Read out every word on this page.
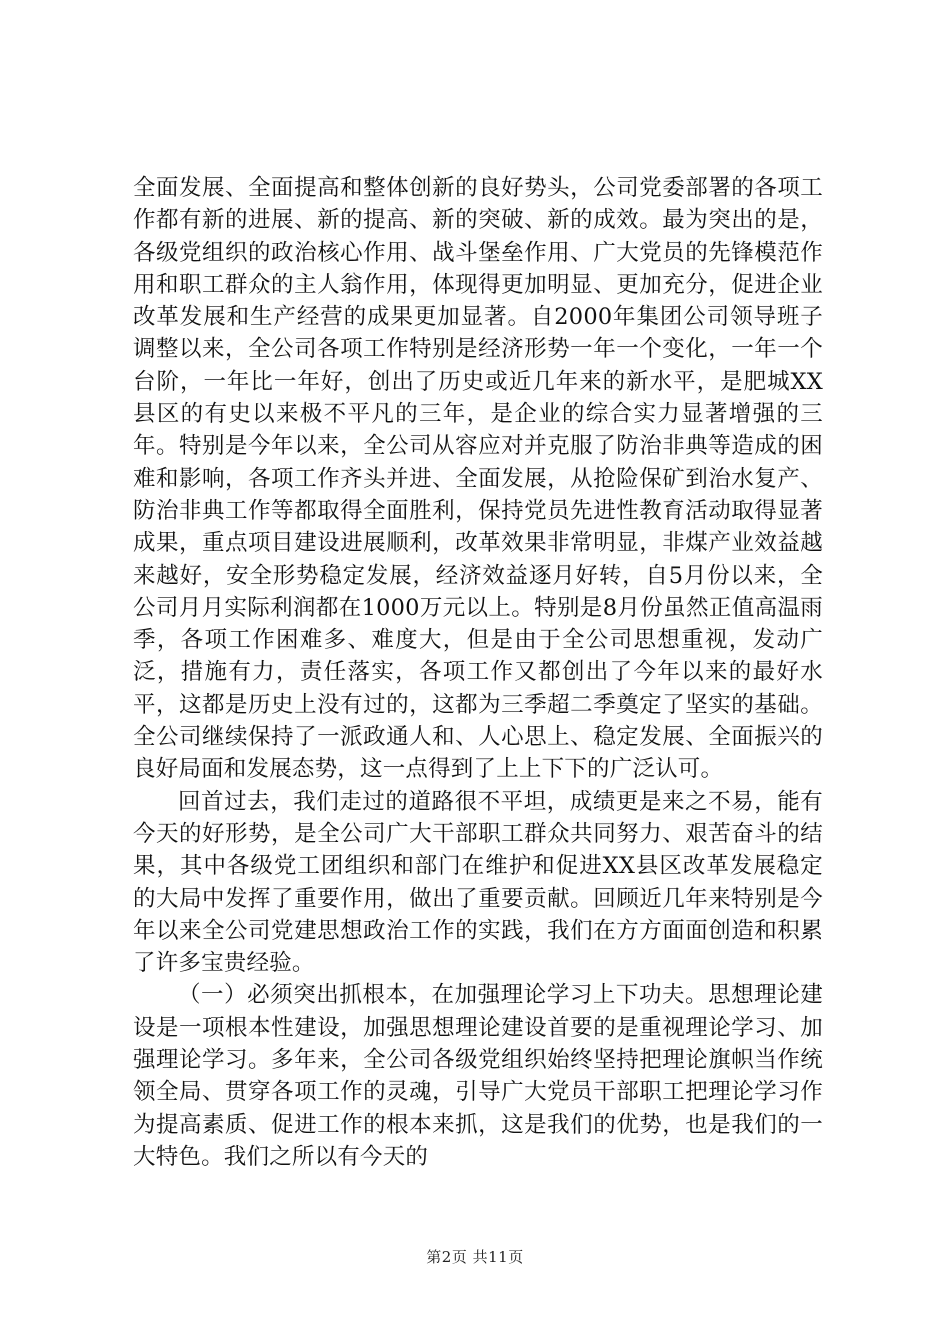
全面发展、全面提高和整体创新的良好势头，公司党委部署的各项工作都有新的进展、新的提高、新的突破、新的成效。最为突出的是，各级党组织的政治核心作用、战斗堡垒作用、广大党员的先锋模范作用和职工群众的主人翁作用，体现得更加明显、更加充分，促进企业改革发展和生产经营的成果更加显著。自2000年集团公司领导班子调整以来，全公司各项工作特别是经济形势一年一个变化，一年一个台阶，一年比一年好，创出了历史或近几年来的新水平，是肥城XX县区的有史以来极不平凡的三年，是企业的综合实力显著增强的三年。特别是今年以来，全公司从容应对并克服了防治非典等造成的困难和影响，各项工作齐头并进、全面发展，从抢险保矿到治水复产、防治非典工作等都取得全面胜利，保持党员先进性教育活动取得显著成果，重点项目建设进展顺利，改革效果非常明显，非煤产业效益越来越好，安全形势稳定发展，经济效益逐月好转，自5月份以来，全公司月月实际利润都在1000万元以上。特别是8月份虽然正值高温雨季，各项工作困难多、难度大，但是由于全公司思想重视，发动广泛，措施有力，责任落实，各项工作又都创出了今年以来的最好水平，这都是历史上没有过的，这都为三季超二季奠定了坚实的基础。全公司继续保持了一派政通人和、人心思上、稳定发展、全面振兴的良好局面和发展态势，这一点得到了上上下下的广泛认可。

回首过去，我们走过的道路很不平坦，成绩更是来之不易，能有今天的好形势，是全公司广大干部职工群众共同努力、艰苦奋斗的结果，其中各级党工团组织和部门在维护和促进XX县区改革发展稳定的大局中发挥了重要作用，做出了重要贡献。回顾近几年来特别是今年以来全公司党建思想政治工作的实践，我们在方方面面创造和积累了许多宝贵经验。

（一）必须突出抓根本，在加强理论学习上下功夫。思想理论建设是一项根本性建设，加强思想理论建设首要的是重视理论学习、加强理论学习。多年来，全公司各级党组织始终坚持把理论旗帜当作统领全局、贯穿各项工作的灵魂，引导广大党员干部职工把理论学习作为提高素质、促进工作的根本来抓，这是我们的优势，也是我们的一大特色。我们之所以有今天的

第2页 共11页
